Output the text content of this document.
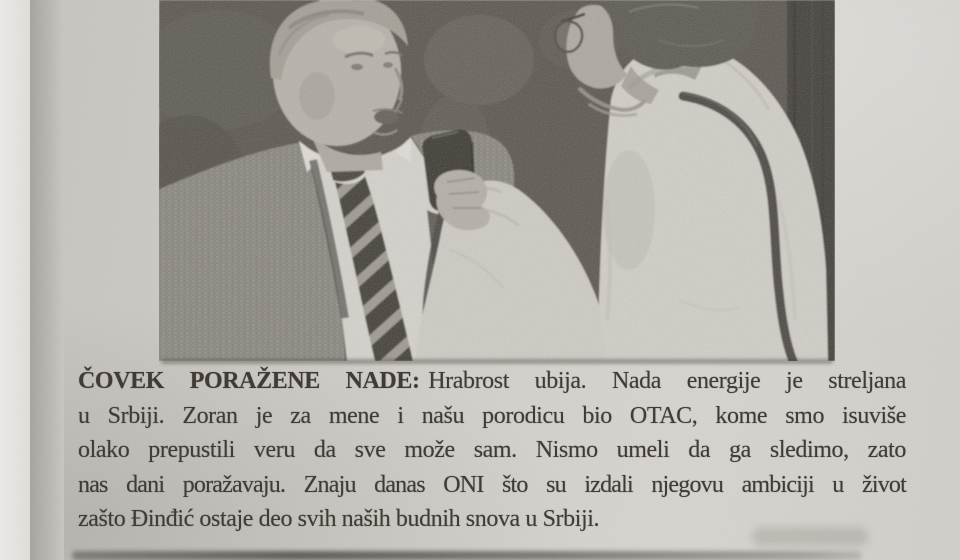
ČOVEK PORAŽENE NADE: Hrabrost ubija. Nada energije je streljana
u Srbiji. Zoran je za mene i našu porodicu bio OTAC, kome smo isuviše
olako prepustili veru da sve može sam. Nismo umeli da ga sledimo, zato
nas dani poražavaju. Znaju danas ONI što su izdali njegovu ambiciji u život
zašto Đinđić ostaje deo svih naših budnih snova u Srbiji.
